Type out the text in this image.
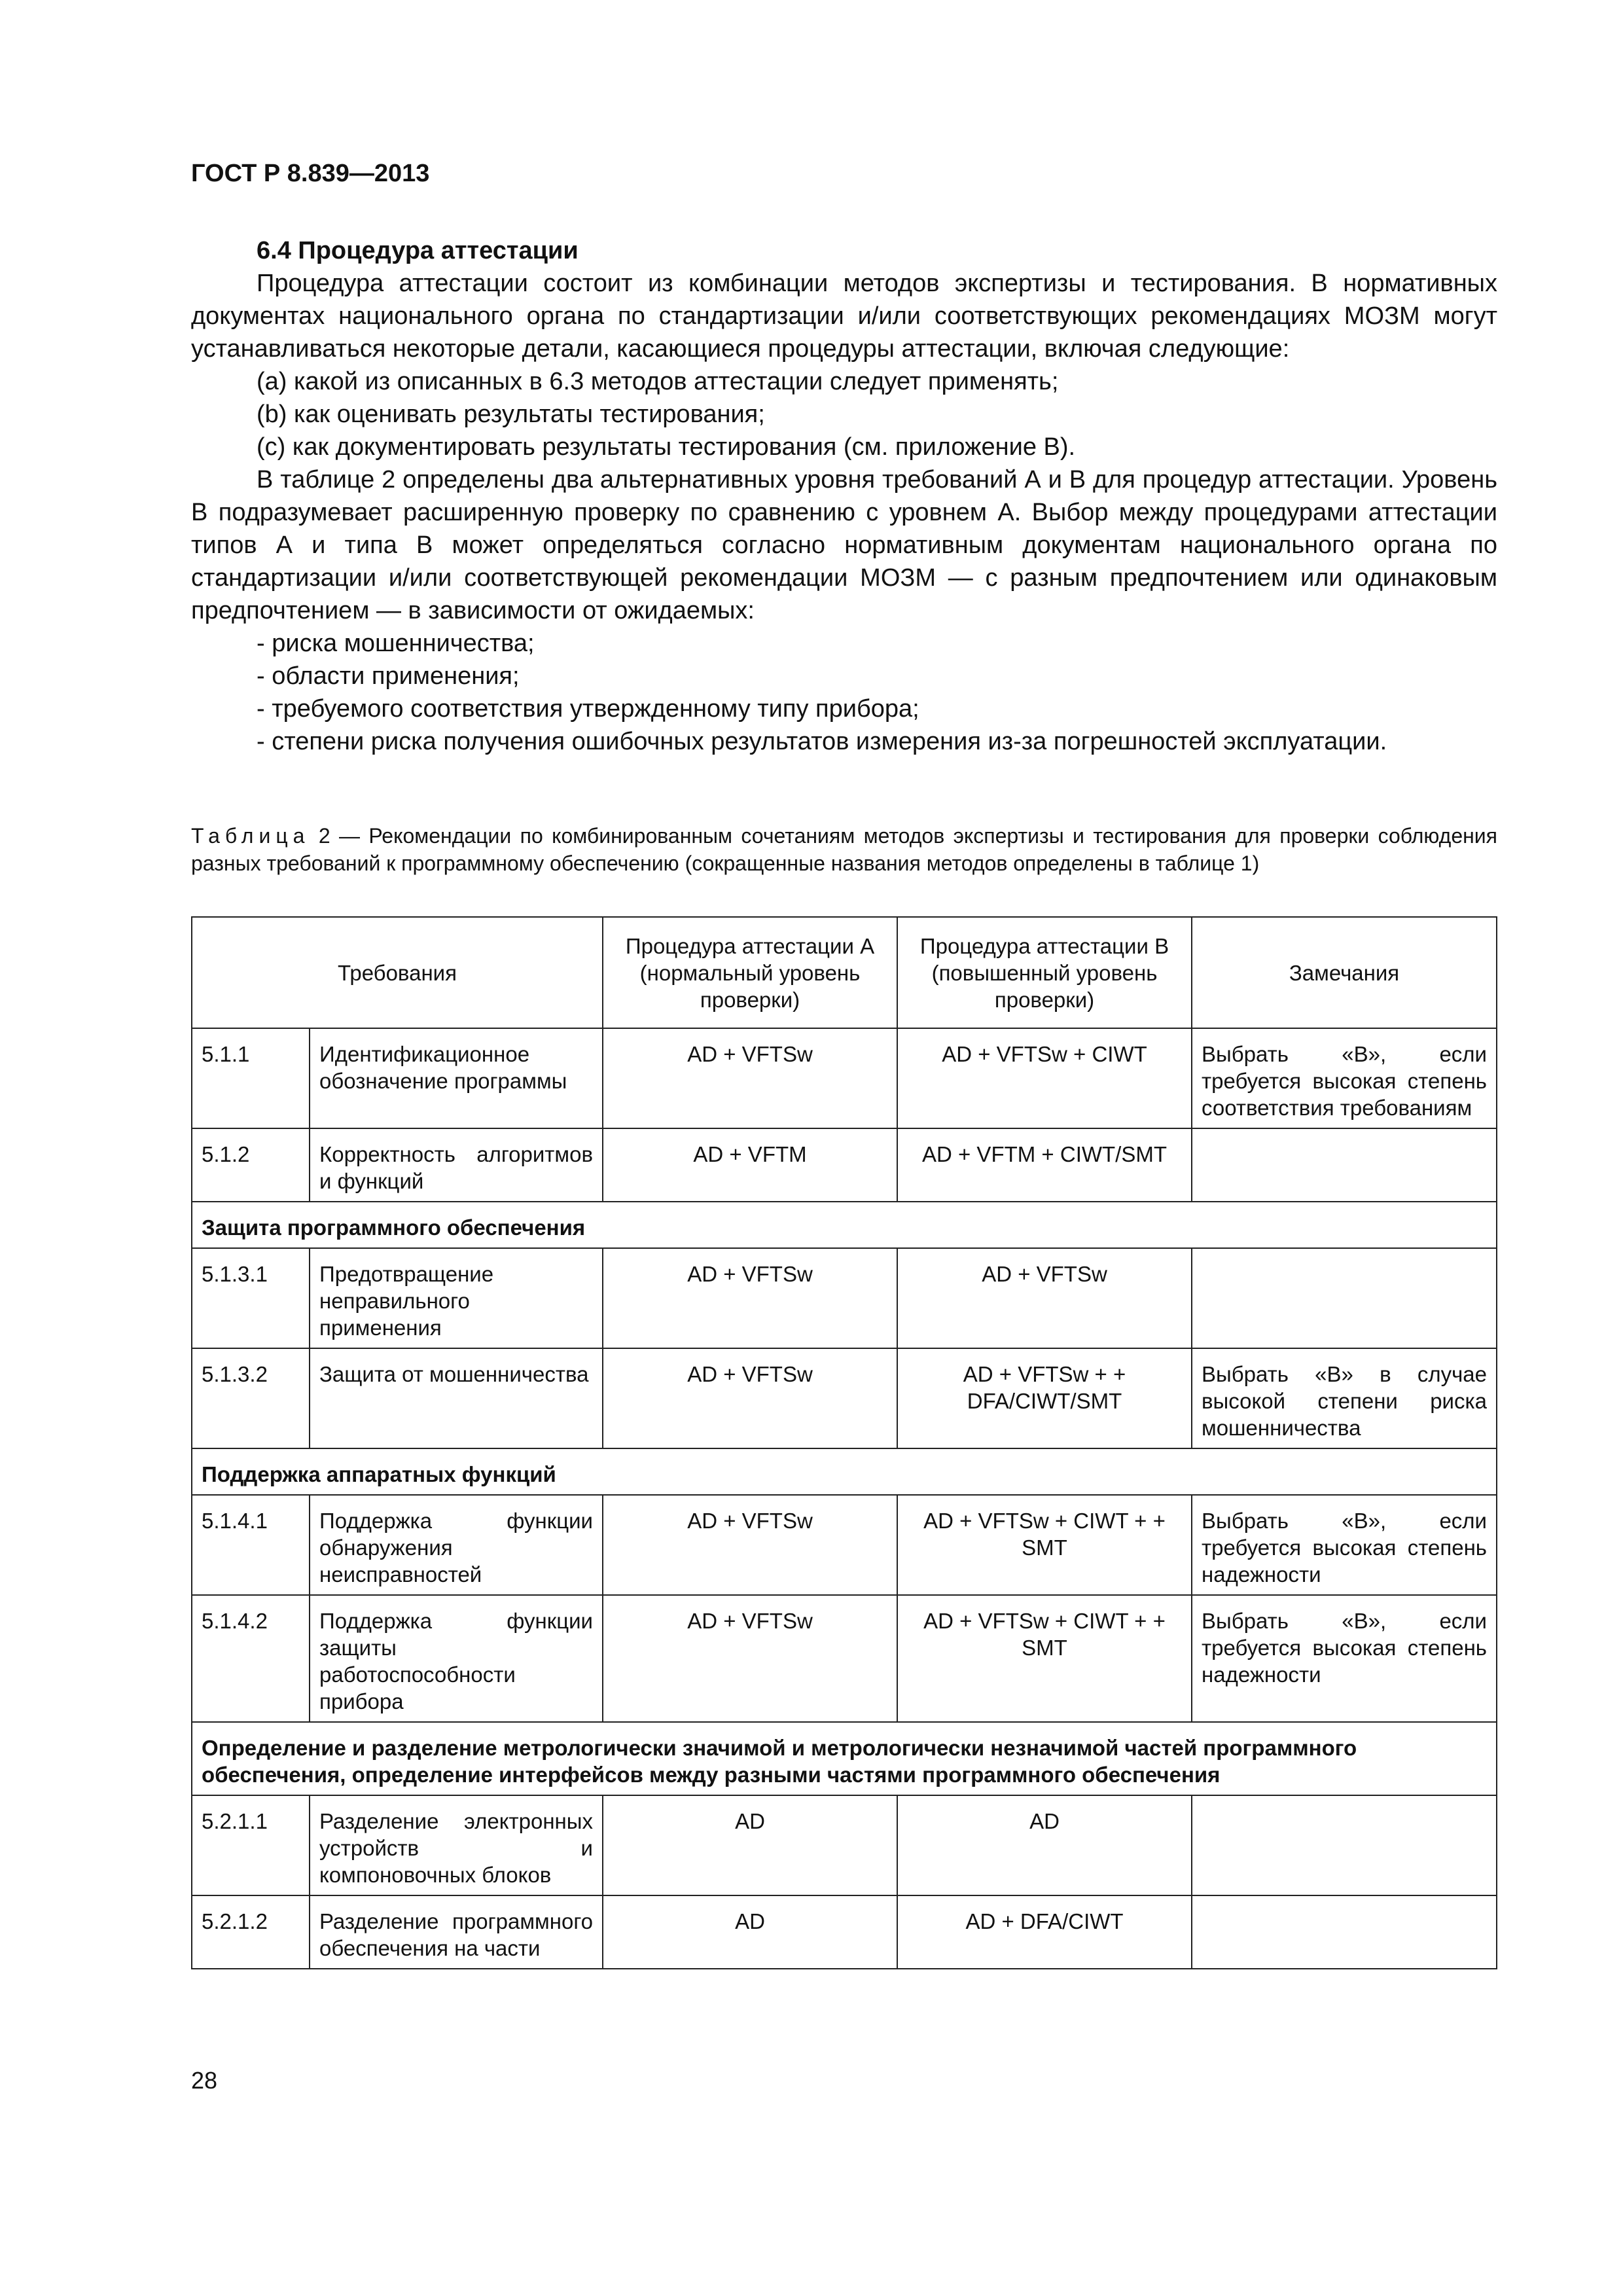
ГОСТ Р 8.839—2013
6.4 Процедура аттестации

Процедура аттестации состоит из комбинации методов экспертизы и тестирования. В нормативных документах национального органа по стандартизации и/или соответствующих рекомендациях МОЗМ могут устанавливаться некоторые детали, касающиеся процедуры аттестации, включая следующие:

(a) какой из описанных в 6.3 методов аттестации следует применять;

(b) как оценивать результаты тестирования;

(c) как документировать результаты тестирования (см. приложение В).

В таблице 2 определены два альтернативных уровня требований А и В для процедур аттестации. Уровень В подразумевает расширенную проверку по сравнению с уровнем А. Выбор между процедурами аттестации типов А и типа В может определяться согласно нормативным документам национального органа по стандартизации и/или соответствующей рекомендации МОЗМ — с разным предпочтением или одинаковым предпочтением — в зависимости от ожидаемых:

- риска мошенничества;

- области применения;

- требуемого соответствия утвержденному типу прибора;

- степени риска получения ошибочных результатов измерения из-за погрешностей эксплуатации.

Таблица 2 — Рекомендации по комбинированным сочетаниям методов экспертизы и тестирования для проверки соблюдения разных требований к программному обеспечению (сокращенные названия методов определены в таблице 1)
Требования		Процедура аттестации А (нормальный уровень проверки)	Процедура аттестации В (повышенный уровень проверки)	Замечания
5.1.1	Идентификационное обозначение программы	AD + VFTSw	AD + VFTSw + CIWT	Выбрать «В», если требуется высокая степень соответствия требованиям
5.1.2	Корректность алгоритмов и функций	AD + VFTM	AD + VFTM + CIWT/SMT	
Защита программного обеспечения				
5.1.3.1	Предотвращение неправильного применения	AD + VFTSw	AD + VFTSw	
5.1.3.2	Защита от мошенничества	AD + VFTSw	AD + VFTSw + + DFA/CIWT/SMT	Выбрать «В» в случае высокой степени риска мошенничества
Поддержка аппаратных функций				
5.1.4.1	Поддержка функции обнаружения неисправностей	AD + VFTSw	AD + VFTSw + CIWT + + SMT	Выбрать «В», если требуется высокая степень надежности
5.1.4.2	Поддержка функции защиты работоспособности прибора	AD + VFTSw	AD + VFTSw + CIWT + + SMT	Выбрать «В», если требуется высокая степень надежности
Определение и разделение метрологически значимой и метрологически незначимой частей программного обеспечения, определение интерфейсов между разными частями программного обеспечения				
5.2.1.1	Разделение электронных устройств и компоновочных блоков	AD	AD	
5.2.1.2	Разделение программного обеспечения на части	AD	AD + DFA/CIWT	
28
